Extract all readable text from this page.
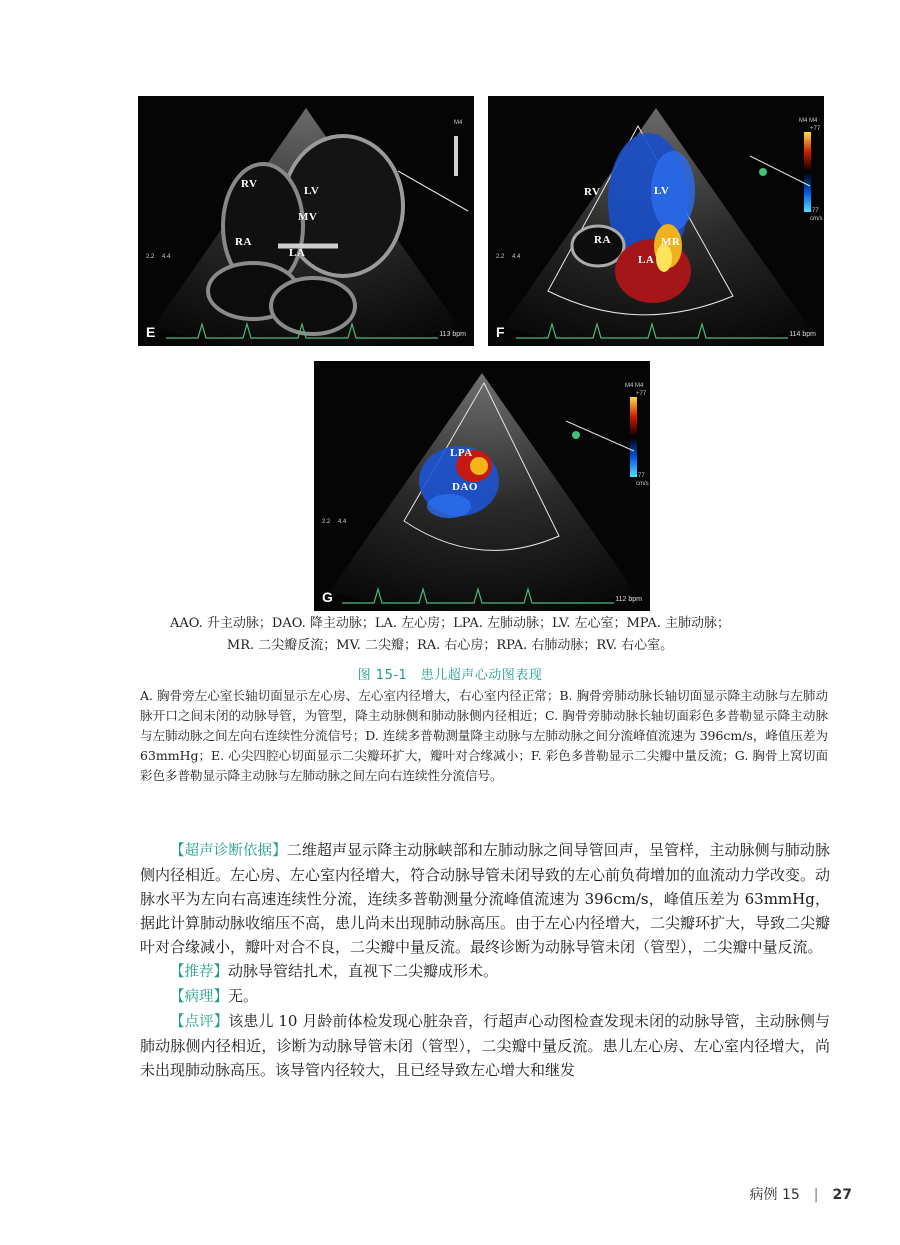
RV
LV
MV
RA
LA
M4
2.2 4.4
E	113 bpm
RV	LV
RA	MR
LA
M4 M4
+77
-77
cm/s
2.2 4.4
F	114 bpm
LPA
DAO
M4 M4
+77
-77
cm/s
2.2 4.4
G	112 bpm
AAO. 升主动脉；DAO. 降主动脉；LA. 左心房；LPA. 左肺动脉；LV. 左心室；MPA. 主肺动脉；
MR. 二尖瓣反流；MV. 二尖瓣；RA. 右心房；RPA. 右肺动脉；RV. 右心室。
图 15-1　患儿超声心动图表现
A. 胸骨旁左心室长轴切面显示左心房、左心室内径增大，右心室内径正常；B. 胸骨旁肺动脉长轴切面显示降主动脉与左肺动脉开口之间未闭的动脉导管，为管型，降主动脉侧和肺动脉侧内径相近；C. 胸骨旁肺动脉长轴切面彩色多普勒显示降主动脉与左肺动脉之间左向右连续性分流信号；D. 连续多普勒测量降主动脉与左肺动脉之间分流峰值流速为 396cm/s，峰值压差为 63mmHg；E. 心尖四腔心切面显示二尖瓣环扩大，瓣叶对合缘减小；F. 彩色多普勒显示二尖瓣中量反流；G. 胸骨上窝切面彩色多普勒显示降主动脉与左肺动脉之间左向右连续性分流信号。

【超声诊断依据】二维超声显示降主动脉峡部和左肺动脉之间导管回声，呈管样，主动脉侧与肺动脉侧内径相近。左心房、左心室内径增大，符合动脉导管未闭导致的左心前负荷增加的血流动力学改变。动脉水平为左向右高速连续性分流，连续多普勒测量分流峰值流速为 396cm/s，峰值压差为 63mmHg，据此计算肺动脉收缩压不高，患儿尚未出现肺动脉高压。由于左心内径增大，二尖瓣环扩大，导致二尖瓣叶对合缘减小，瓣叶对合不良，二尖瓣中量反流。最终诊断为动脉导管未闭（管型），二尖瓣中量反流。

【推荐】动脉导管结扎术，直视下二尖瓣成形术。

【病理】无。

【点评】该患儿 10 月龄前体检发现心脏杂音，行超声心动图检查发现未闭的动脉导管，主动脉侧与肺动脉侧内径相近，诊断为动脉导管未闭（管型），二尖瓣中量反流。患儿左心房、左心室内径增大，尚未出现肺动脉高压。该导管内径较大，且已经导致左心增大和继发

病例 15 | 27
